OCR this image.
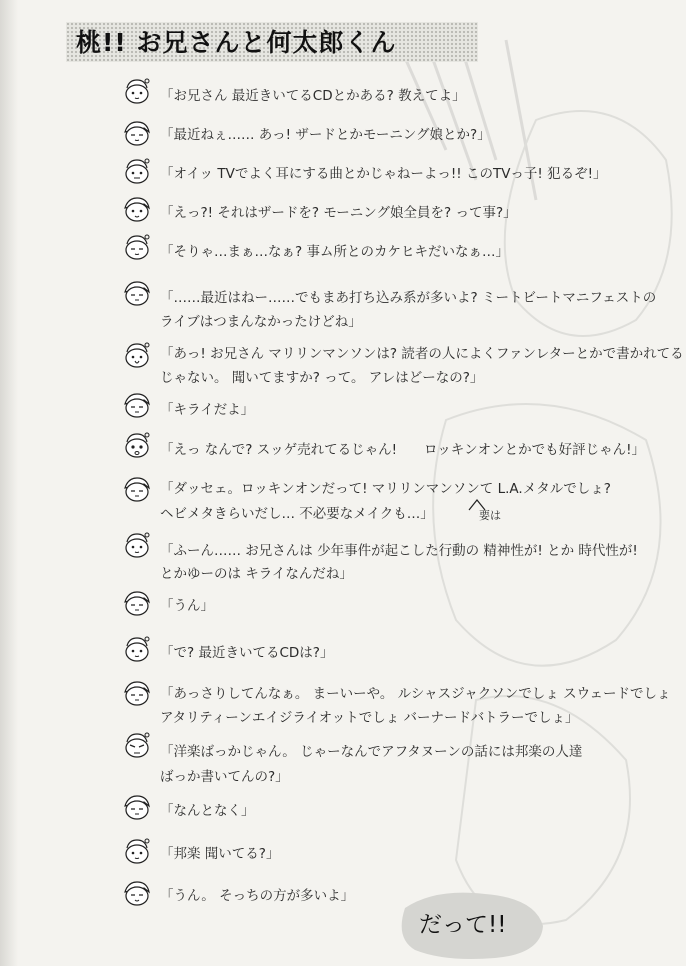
桃!! お兄さんと何太郎くん
「お兄さん 最近きいてるCDとかある? 教えてよ」
「最近ねぇ…… あっ! ザードとかモーニング娘とか?」
「オイッ TVでよく耳にする曲とかじゃねーよっ!! このTVっ子! 犯るぞ!」
「えっ?! それはザードを? モーニング娘全員を? って事?」
「そりゃ…まぁ…なぁ? 事ム所とのカケヒキだいなぁ…」
「……最近はねー……でもまあ打ち込み系が多いよ? ミートビートマニフェストの
ライブはつまんなかったけどね」
「あっ! お兄さん マリリンマンソンは? 読者の人によくファンレターとかで書かれてる
じゃない。 聞いてますか? って。 アレはどーなの?」
「キライだよ」
「えっ なんで? スッゲ売れてるじゃん!　　ロッキンオンとかでも好評じゃん!」
「ダッセェ。ロッキンオンだって! マリリンマンソンて L.A.メタルでしょ?
ヘビメタきらいだし… 不必要なメイクも…」
「ふーん…… お兄さんは 少年事件が起こした行動の 精神性が! とか 時代性が!
とかゆーのは キライなんだね」
「うん」
「で? 最近きいてるCDは?」
「あっさりしてんなぁ。 まーいーや。 ルシャスジャクソンでしょ スウェードでしょ
アタリティーンエイジライオットでしょ バーナードバトラーでしょ」
「洋楽ばっかじゃん。 じゃーなんでアフタヌーンの話には邦楽の人達
ばっか書いてんの?」
「なんとなく」
「邦楽 聞いてる?」
「うん。 そっちの方が多いよ」
要は
だって!!
